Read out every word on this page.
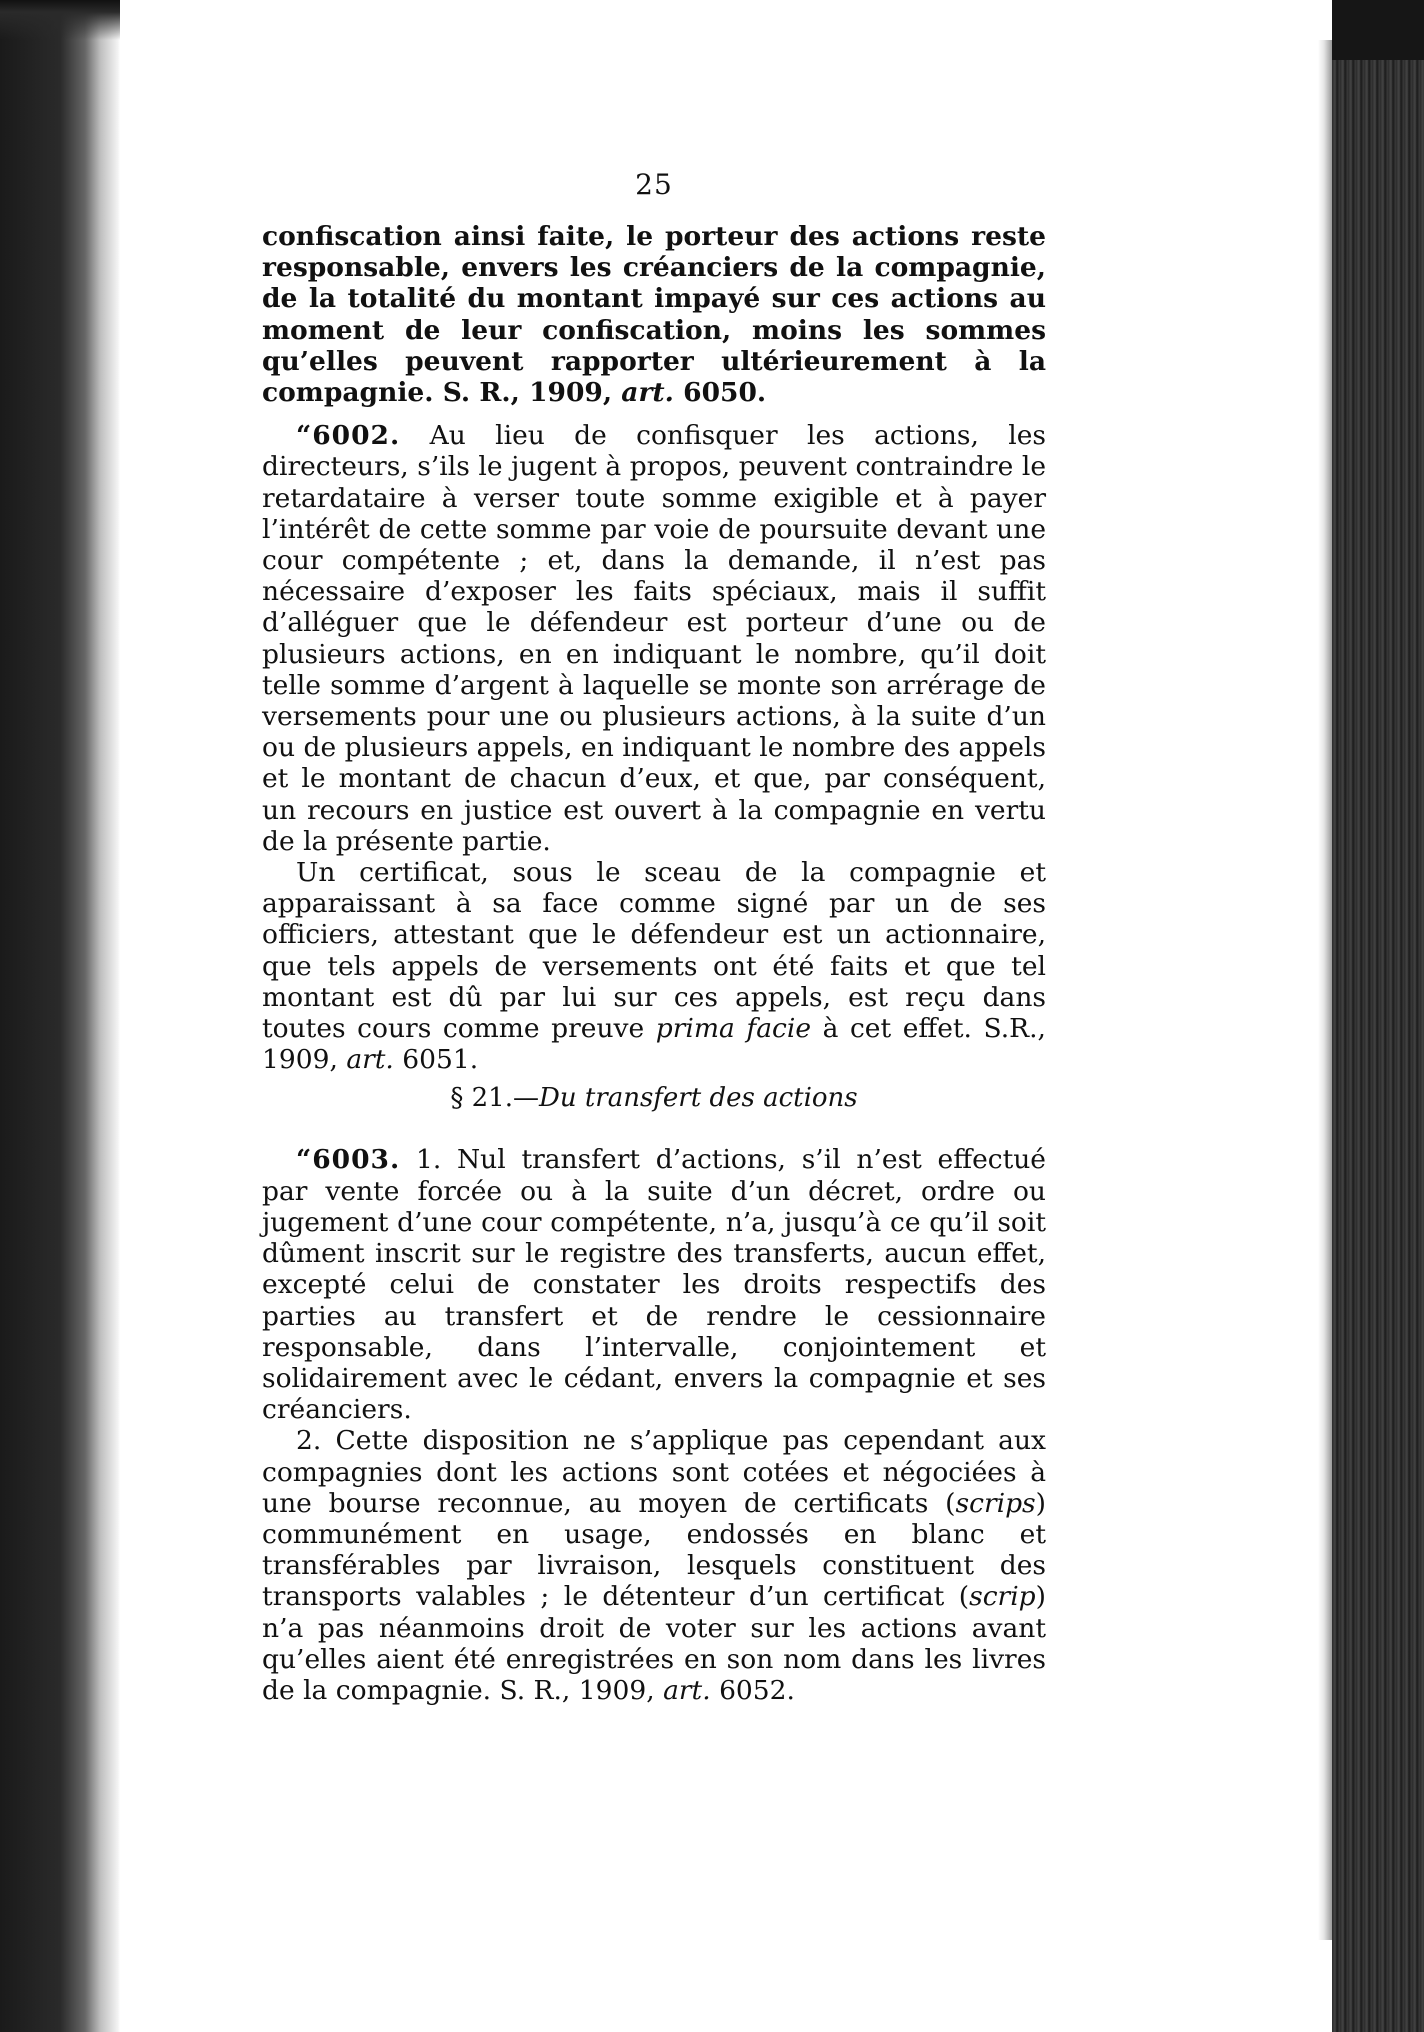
25

confiscation ainsi faite, le porteur des actions reste responsable, envers les créanciers de la compagnie, de la totalité du montant impayé sur ces actions au moment de leur confiscation, moins les sommes qu’elles peuvent rapporter ultérieurement à la compagnie. S. R., 1909, art. 6050.

“6002. Au lieu de confisquer les actions, les directeurs, s’ils le jugent à propos, peuvent contraindre le retardataire à verser toute somme exigible et à payer l’intérêt de cette somme par voie de poursuite devant une cour compétente ; et, dans la demande, il n’est pas nécessaire d’exposer les faits spéciaux, mais il suffit d’alléguer que le défendeur est porteur d’une ou de plusieurs actions, en en indiquant le nombre, qu’il doit telle somme d’argent à laquelle se monte son arrérage de versements pour une ou plusieurs actions, à la suite d’un ou de plusieurs appels, en indiquant le nombre des appels et le montant de chacun d’eux, et que, par conséquent, un recours en justice est ouvert à la compagnie en vertu de la présente partie.

Un certificat, sous le sceau de la compagnie et apparaissant à sa face comme signé par un de ses officiers, attestant que le défendeur est un actionnaire, que tels appels de versements ont été faits et que tel montant est dû par lui sur ces appels, est reçu dans toutes cours comme preuve prima facie à cet effet. S.R., 1909, art. 6051.

§ 21.—Du transfert des actions

“6003. 1. Nul transfert d’actions, s’il n’est effectué par vente forcée ou à la suite d’un décret, ordre ou jugement d’une cour compétente, n’a, jusqu’à ce qu’il soit dûment inscrit sur le registre des transferts, aucun effet, excepté celui de constater les droits respectifs des parties au transfert et de rendre le cessionnaire responsable, dans l’intervalle, conjointement et solidairement avec le cédant, envers la compagnie et ses créanciers.

2. Cette disposition ne s’applique pas cependant aux compagnies dont les actions sont cotées et négociées à une bourse reconnue, au moyen de certificats (scrips) communément en usage, endossés en blanc et transférables par livraison, lesquels constituent des transports valables ; le détenteur d’un certificat (scrip) n’a pas néanmoins droit de voter sur les actions avant qu’elles aient été enregistrées en son nom dans les livres de la compagnie. S. R., 1909, art. 6052.
